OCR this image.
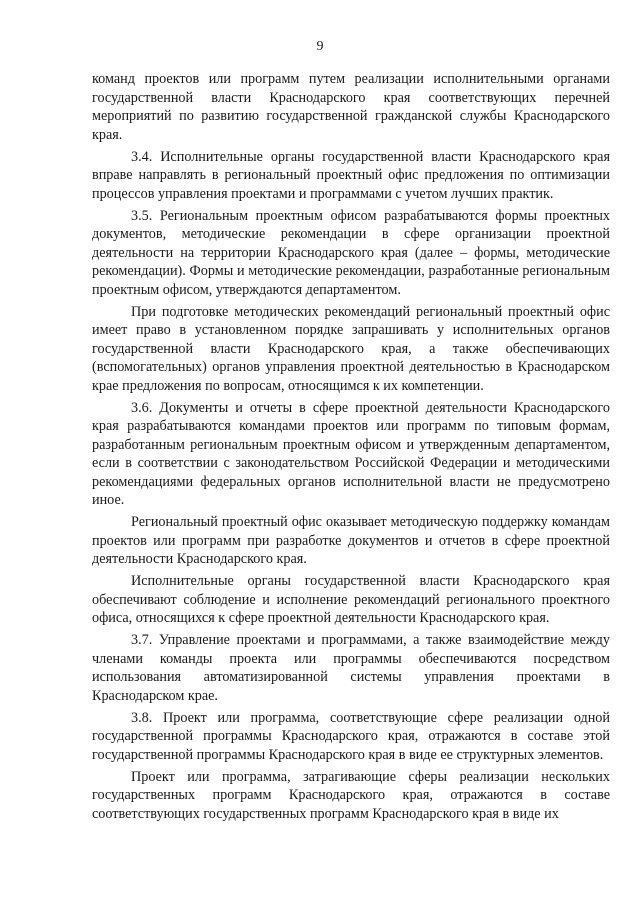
9

команд проектов или программ путем реализации исполнительными органами государственной власти Краснодарского края соответствующих перечней мероприятий по развитию государственной гражданской службы Краснодарского края.

3.4. Исполнительные органы государственной власти Краснодарского края вправе направлять в региональный проектный офис предложения по оптимизации процессов управления проектами и программами с учетом лучших практик.

3.5. Региональным проектным офисом разрабатываются формы проектных документов, методические рекомендации в сфере организации проектной деятельности на территории Краснодарского края (далее – формы, методические рекомендации). Формы и методические рекомендации, разработанные региональным проектным офисом, утверждаются департаментом.

При подготовке методических рекомендаций региональный проектный офис имеет право в установленном порядке запрашивать у исполнительных органов государственной власти Краснодарского края, а также обеспечивающих (вспомогательных) органов управления проектной деятельностью в Краснодарском крае предложения по вопросам, относящимся к их компетенции.

3.6. Документы и отчеты в сфере проектной деятельности Краснодарского края разрабатываются командами проектов или программ по типовым формам, разработанным региональным проектным офисом и утвержденным департаментом, если в соответствии с законодательством Российской Федерации и методическими рекомендациями федеральных органов исполнительной власти не предусмотрено иное.

Региональный проектный офис оказывает методическую поддержку командам проектов или программ при разработке документов и отчетов в сфере проектной деятельности Краснодарского края.

Исполнительные органы государственной власти Краснодарского края обеспечивают соблюдение и исполнение рекомендаций регионального проектного офиса, относящихся к сфере проектной деятельности Краснодарского края.

3.7. Управление проектами и программами, а также взаимодействие между членами команды проекта или программы обеспечиваются посредством использования автоматизированной системы управления проектами в Краснодарском крае.

3.8. Проект или программа, соответствующие сфере реализации одной государственной программы Краснодарского края, отражаются в составе этой государственной программы Краснодарского края в виде ее структурных элементов.

Проект или программа, затрагивающие сферы реализации нескольких государственных программ Краснодарского края, отражаются в составе соответствующих государственных программ Краснодарского края в виде их
